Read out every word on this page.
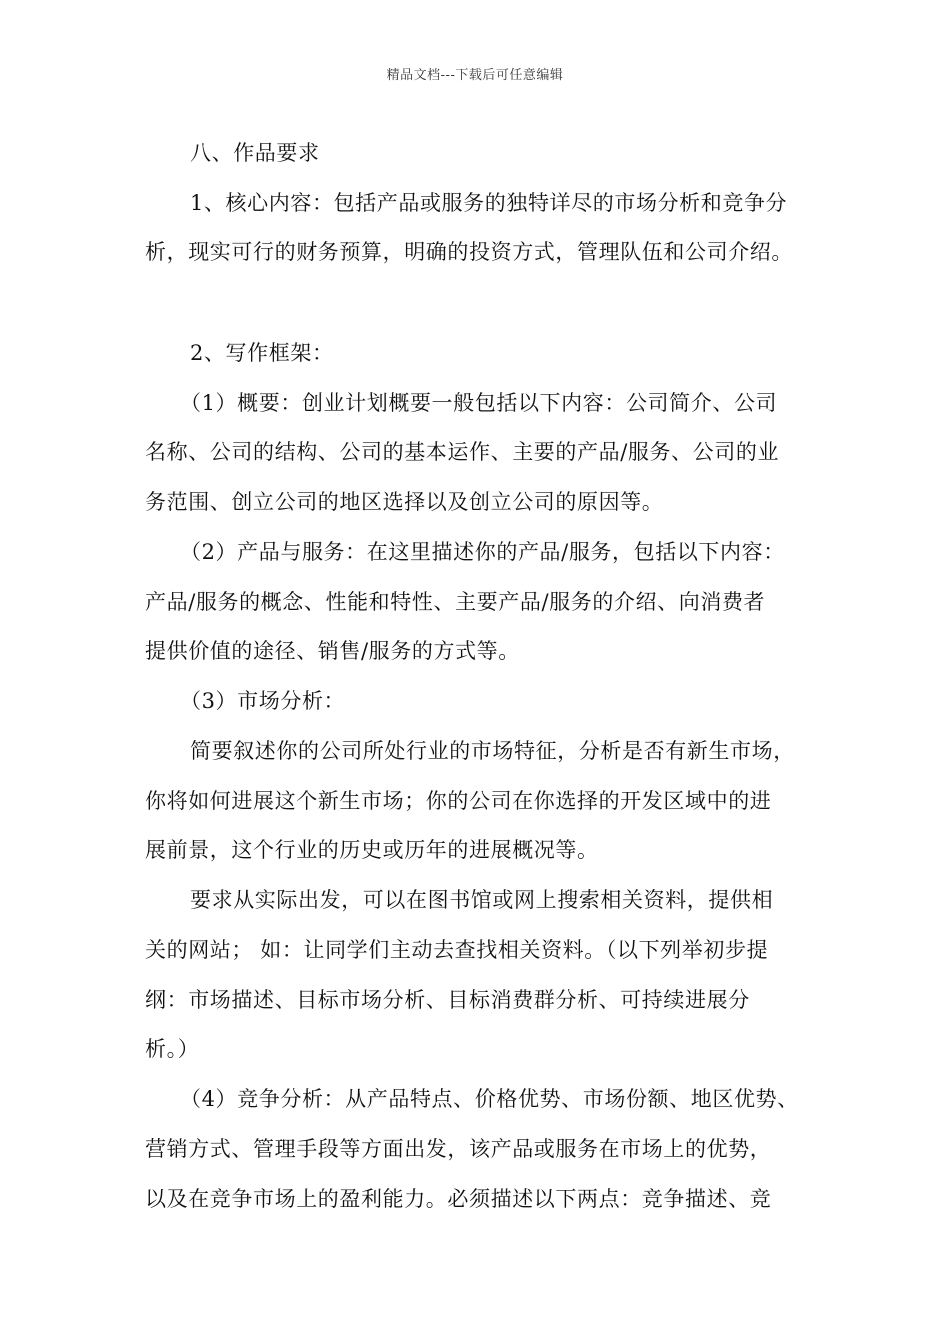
精品文档---下载后可任意编辑
八、作品要求
1、核心内容：包括产品或服务的独特详尽的市场分析和竞争分
析，现实可行的财务预算，明确的投资方式，管理队伍和公司介绍。
2、写作框架：
（1）概要：创业计划概要一般包括以下内容：公司简介、公司
名称、公司的结构、公司的基本运作、主要的产品/服务、公司的业
务范围、创立公司的地区选择以及创立公司的原因等。
（2）产品与服务：在这里描述你的产品/服务，包括以下内容：
产品/服务的概念、性能和特性、主要产品/服务的介绍、向消费者
提供价值的途径、销售/服务的方式等。
（3）市场分析：
简要叙述你的公司所处行业的市场特征，分析是否有新生市场，
你将如何进展这个新生市场；你的公司在你选择的开发区域中的进
展前景，这个行业的历史或历年的进展概况等。
要求从实际出发，可以在图书馆或网上搜索相关资料，提供相
关的网站； 如：让同学们主动去查找相关资料。（以下列举初步提
纲：市场描述、目标市场分析、目标消费群分析、可持续进展分
析。）
（4）竞争分析：从产品特点、价格优势、市场份额、地区优势、
营销方式、管理手段等方面出发，该产品或服务在市场上的优势，
以及在竞争市场上的盈利能力。必须描述以下两点：竞争描述、竞
